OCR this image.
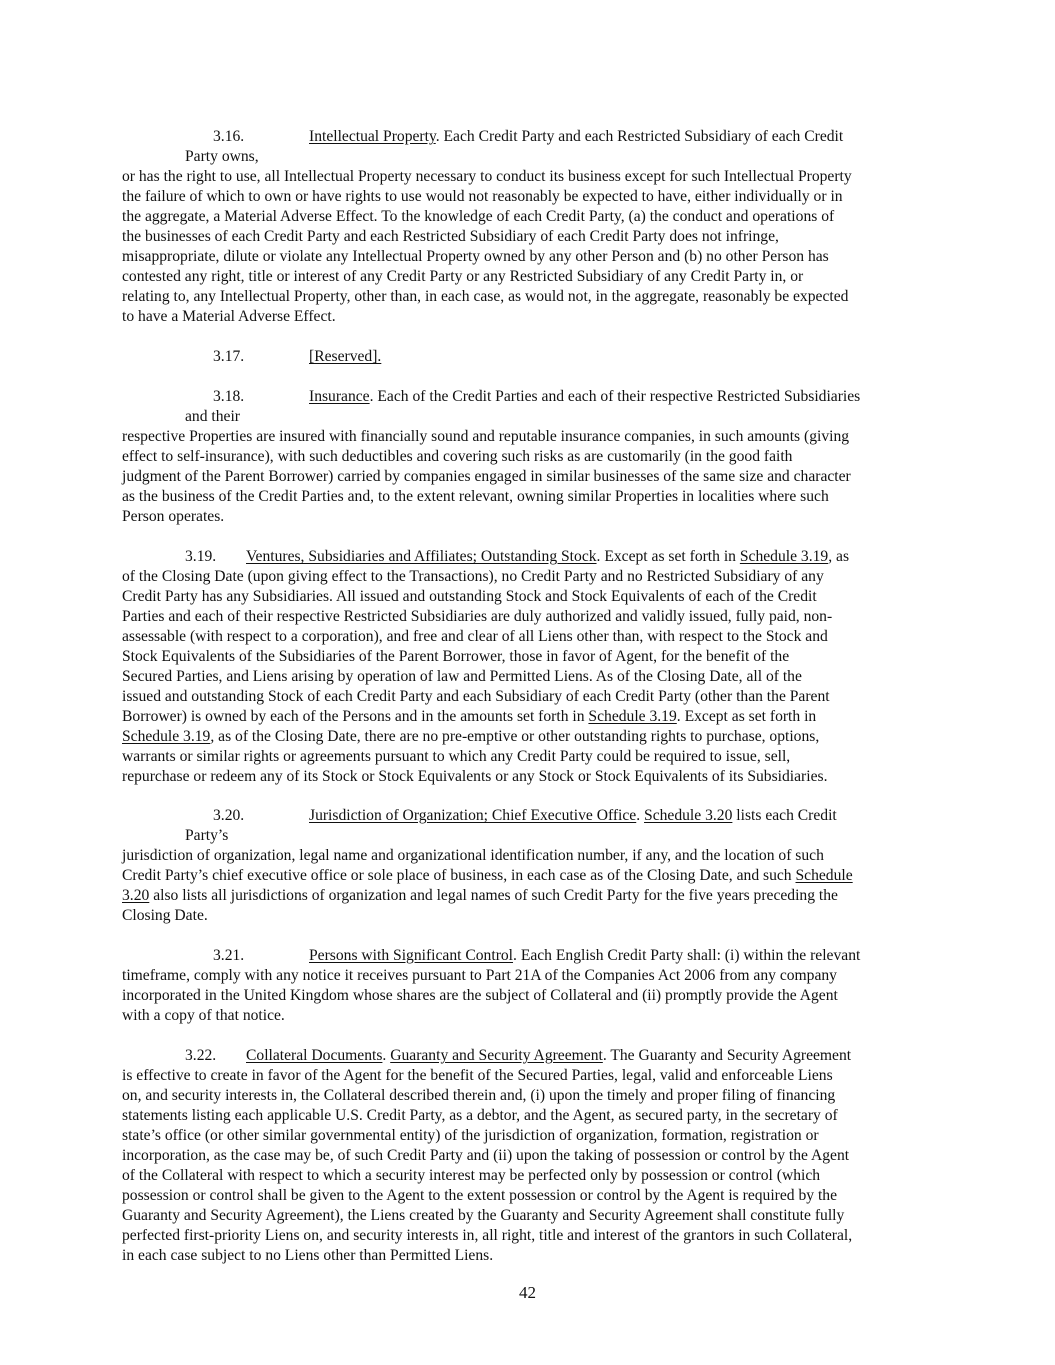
3.16.	Intellectual Property. Each Credit Party and each Restricted Subsidiary of each Credit
Party owns,
or has the right to use, all Intellectual Property necessary to conduct its business except for such Intellectual Property
the failure of which to own or have rights to use would not reasonably be expected to have, either individually or in
the aggregate, a Material Adverse Effect. To the knowledge of each Credit Party, (a) the conduct and operations of
the businesses of each Credit Party and each Restricted Subsidiary of each Credit Party does not infringe,
misappropriate, dilute or violate any Intellectual Property owned by any other Person and (b) no other Person has
contested any right, title or interest of any Credit Party or any Restricted Subsidiary of any Credit Party in, or
relating to, any Intellectual Property, other than, in each case, as would not, in the aggregate, reasonably be expected
to have a Material Adverse Effect.
3.17.	[Reserved].
3.18.	Insurance. Each of the Credit Parties and each of their respective Restricted Subsidiaries
and their
respective Properties are insured with financially sound and reputable insurance companies, in such amounts (giving
effect to self-insurance), with such deductibles and covering such risks as are customarily (in the good faith
judgment of the Parent Borrower) carried by companies engaged in similar businesses of the same size and character
as the business of the Credit Parties and, to the extent relevant, owning similar Properties in localities where such
Person operates.
3.19. Ventures, Subsidiaries and Affiliates; Outstanding Stock. Except as set forth in Schedule 3.19, as
of the Closing Date (upon giving effect to the Transactions), no Credit Party and no Restricted Subsidiary of any
Credit Party has any Subsidiaries. All issued and outstanding Stock and Stock Equivalents of each of the Credit
Parties and each of their respective Restricted Subsidiaries are duly authorized and validly issued, fully paid, non-
assessable (with respect to a corporation), and free and clear of all Liens other than, with respect to the Stock and
Stock Equivalents of the Subsidiaries of the Parent Borrower, those in favor of Agent, for the benefit of the
Secured Parties, and Liens arising by operation of law and Permitted Liens. As of the Closing Date, all of the
issued and outstanding Stock of each Credit Party and each Subsidiary of each Credit Party (other than the Parent
Borrower) is owned by each of the Persons and in the amounts set forth in Schedule 3.19. Except as set forth in
Schedule 3.19, as of the Closing Date, there are no pre-emptive or other outstanding rights to purchase, options,
warrants or similar rights or agreements pursuant to which any Credit Party could be required to issue, sell,
repurchase or redeem any of its Stock or Stock Equivalents or any Stock or Stock Equivalents of its Subsidiaries.
3.20.	Jurisdiction of Organization; Chief Executive Office. Schedule 3.20 lists each Credit
Party’s
jurisdiction of organization, legal name and organizational identification number, if any, and the location of such
Credit Party’s chief executive office or sole place of business, in each case as of the Closing Date, and such Schedule
3.20 also lists all jurisdictions of organization and legal names of such Credit Party for the five years preceding the
Closing Date.
3.21.	Persons with Significant Control. Each English Credit Party shall: (i) within the relevant
timeframe, comply with any notice it receives pursuant to Part 21A of the Companies Act 2006 from any company
incorporated in the United Kingdom whose shares are the subject of Collateral and (ii) promptly provide the Agent
with a copy of that notice.
3.22. Collateral Documents. Guaranty and Security Agreement. The Guaranty and Security Agreement
is effective to create in favor of the Agent for the benefit of the Secured Parties, legal, valid and enforceable Liens
on, and security interests in, the Collateral described therein and, (i) upon the timely and proper filing of financing
statements listing each applicable U.S. Credit Party, as a debtor, and the Agent, as secured party, in the secretary of
state’s office (or other similar governmental entity) of the jurisdiction of organization, formation, registration or
incorporation, as the case may be, of such Credit Party and (ii) upon the taking of possession or control by the Agent
of the Collateral with respect to which a security interest may be perfected only by possession or control (which
possession or control shall be given to the Agent to the extent possession or control by the Agent is required by the
Guaranty and Security Agreement), the Liens created by the Guaranty and Security Agreement shall constitute fully
perfected first-priority Liens on, and security interests in, all right, title and interest of the grantors in such Collateral,
in each case subject to no Liens other than Permitted Liens.
42
